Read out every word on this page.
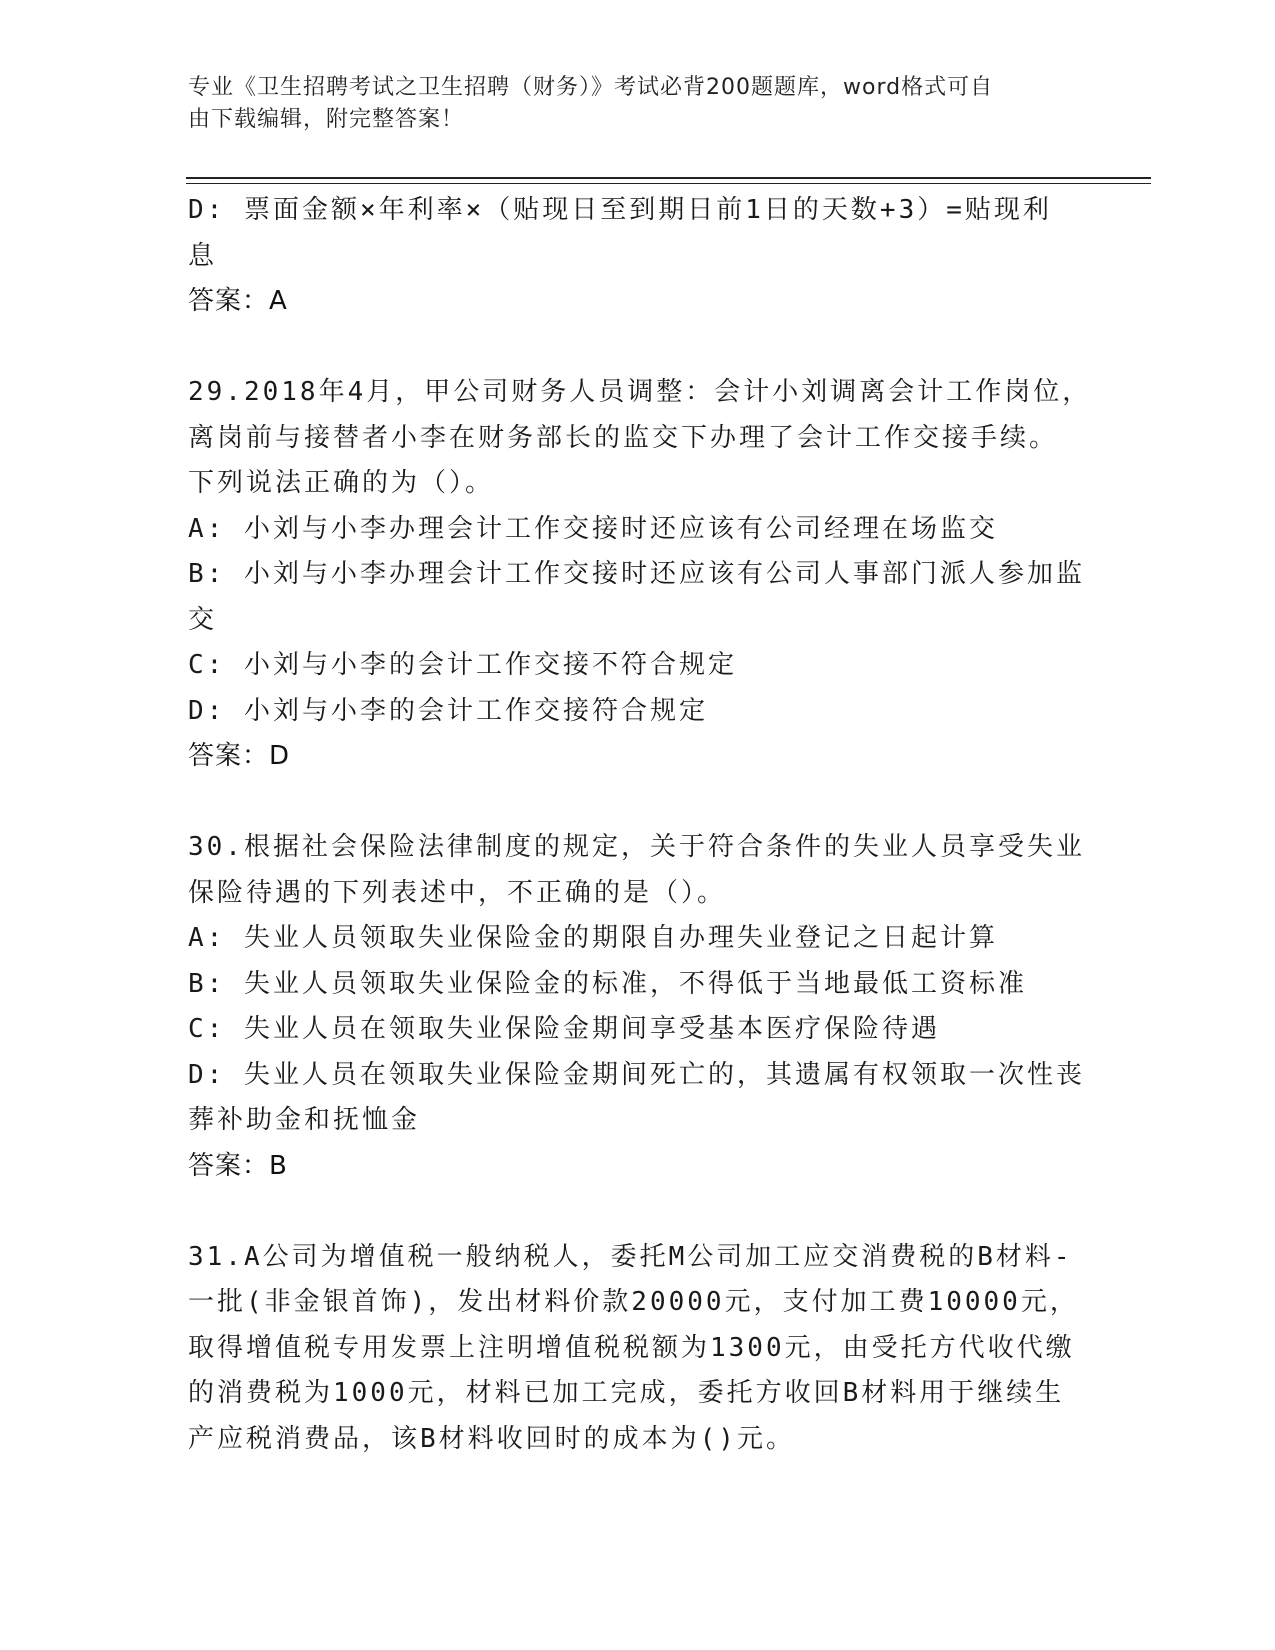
专业《卫生招聘考试之卫生招聘（财务）》考试必背200题题库，word格式可自
由下载编辑，附完整答案！
D: 票面金额×年利率×（贴现日至到期日前1日的天数+3）=贴现利
息
答案：A
29.2018年4月，甲公司财务人员调整：会计小刘调离会计工作岗位，
离岗前与接替者小李在财务部长的监交下办理了会计工作交接手续。
下列说法正确的为（）。
A: 小刘与小李办理会计工作交接时还应该有公司经理在场监交
B: 小刘与小李办理会计工作交接时还应该有公司人事部门派人参加监
交
C: 小刘与小李的会计工作交接不符合规定
D: 小刘与小李的会计工作交接符合规定
答案：D
30.根据社会保险法律制度的规定，关于符合条件的失业人员享受失业
保险待遇的下列表述中，不正确的是（）。
A: 失业人员领取失业保险金的期限自办理失业登记之日起计算
B: 失业人员领取失业保险金的标准，不得低于当地最低工资标准
C: 失业人员在领取失业保险金期间享受基本医疗保险待遇
D: 失业人员在领取失业保险金期间死亡的，其遗属有权领取一次性丧
葬补助金和抚恤金
答案：B
31.A公司为增值税一般纳税人，委托M公司加工应交消费税的B材料-
一批(非金银首饰)，发出材料价款20000元，支付加工费10000元，
取得增值税专用发票上注明增值税税额为1300元，由受托方代收代缴
的消费税为1000元，材料已加工完成，委托方收回B材料用于继续生
产应税消费品，该B材料收回时的成本为()元。
